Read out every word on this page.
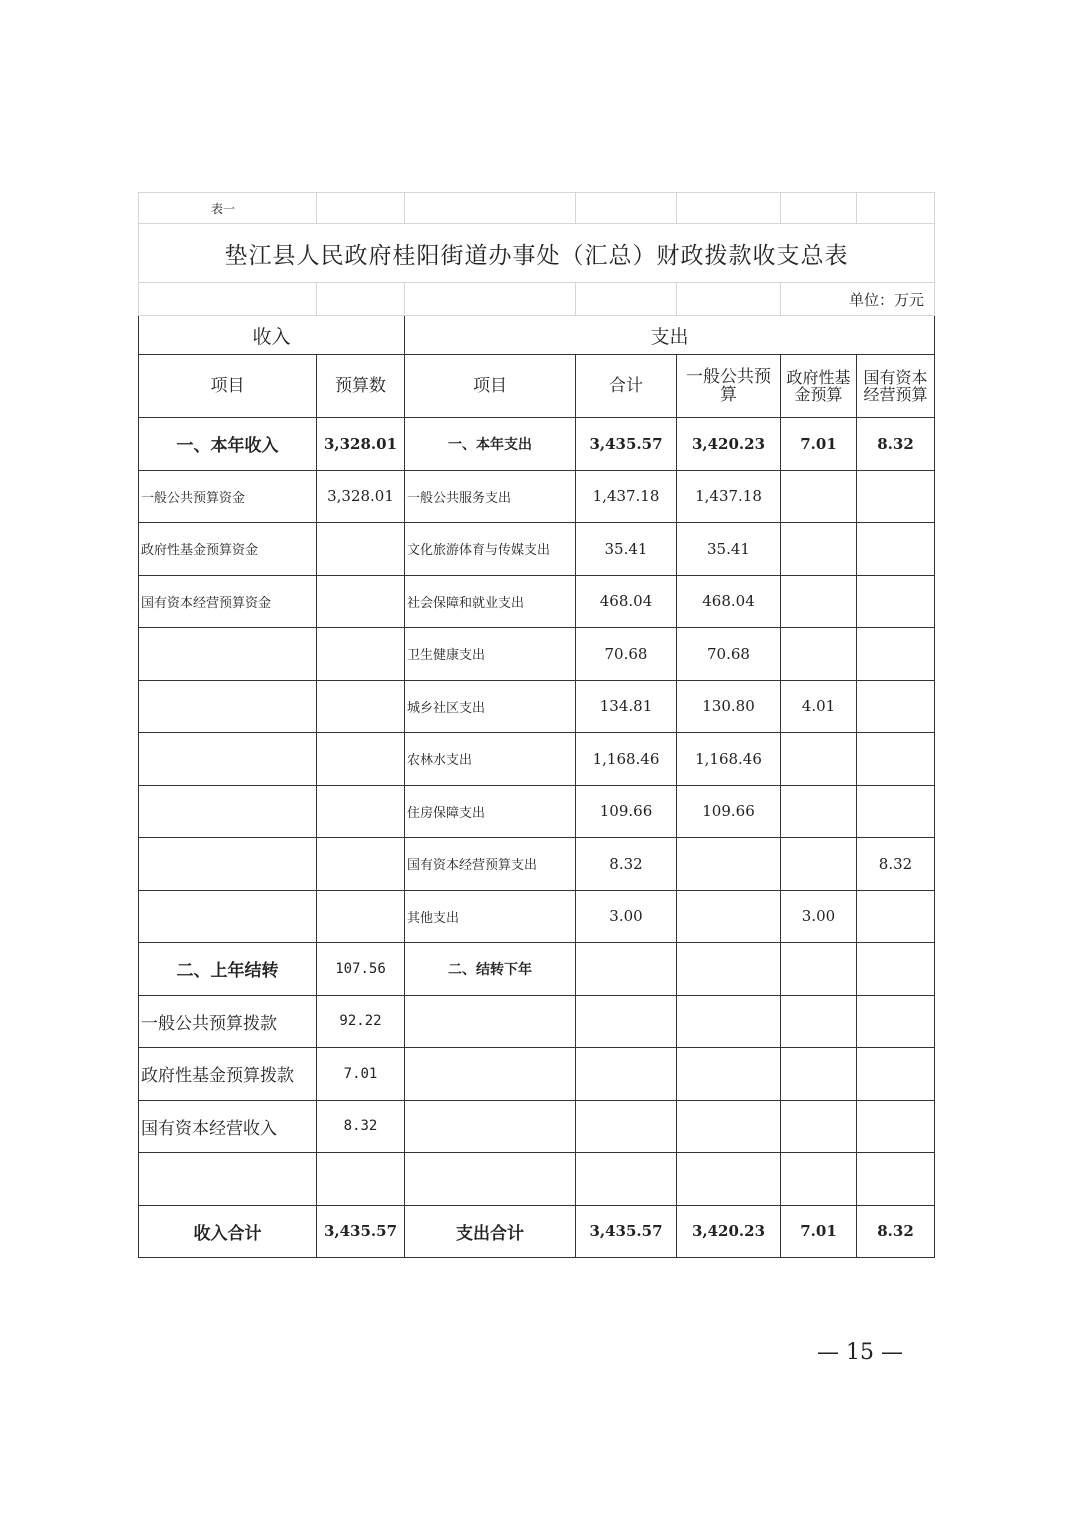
表一						
垫江县人民政府桂阳街道办事处（汇总）财政拨款收支总表						
					单位：万元	
收入		支出				
项目	预算数	项目	合计	一般公共预算	政府性基金预算	国有资本经营预算
一、本年收入	3,328.01	一、本年支出	3,435.57	3,420.23	7.01	8.32
一般公共预算资金	3,328.01	一般公共服务支出	1,437.18	1,437.18		
政府性基金预算资金		文化旅游体育与传媒支出	35.41	35.41		
国有资本经营预算资金		社会保障和就业支出	468.04	468.04		
		卫生健康支出	70.68	70.68		
		城乡社区支出	134.81	130.80	4.01	
		农林水支出	1,168.46	1,168.46		
		住房保障支出	109.66	109.66		
		国有资本经营预算支出	8.32			8.32
		其他支出	3.00		3.00	
二、上年结转	107.56	二、结转下年				
一般公共预算拨款	92.22					
政府性基金预算拨款	7.01					
国有资本经营收入	8.32					

收入合计	3,435.57	支出合计	3,435.57	3,420.23	7.01	8.32
— 15 —
